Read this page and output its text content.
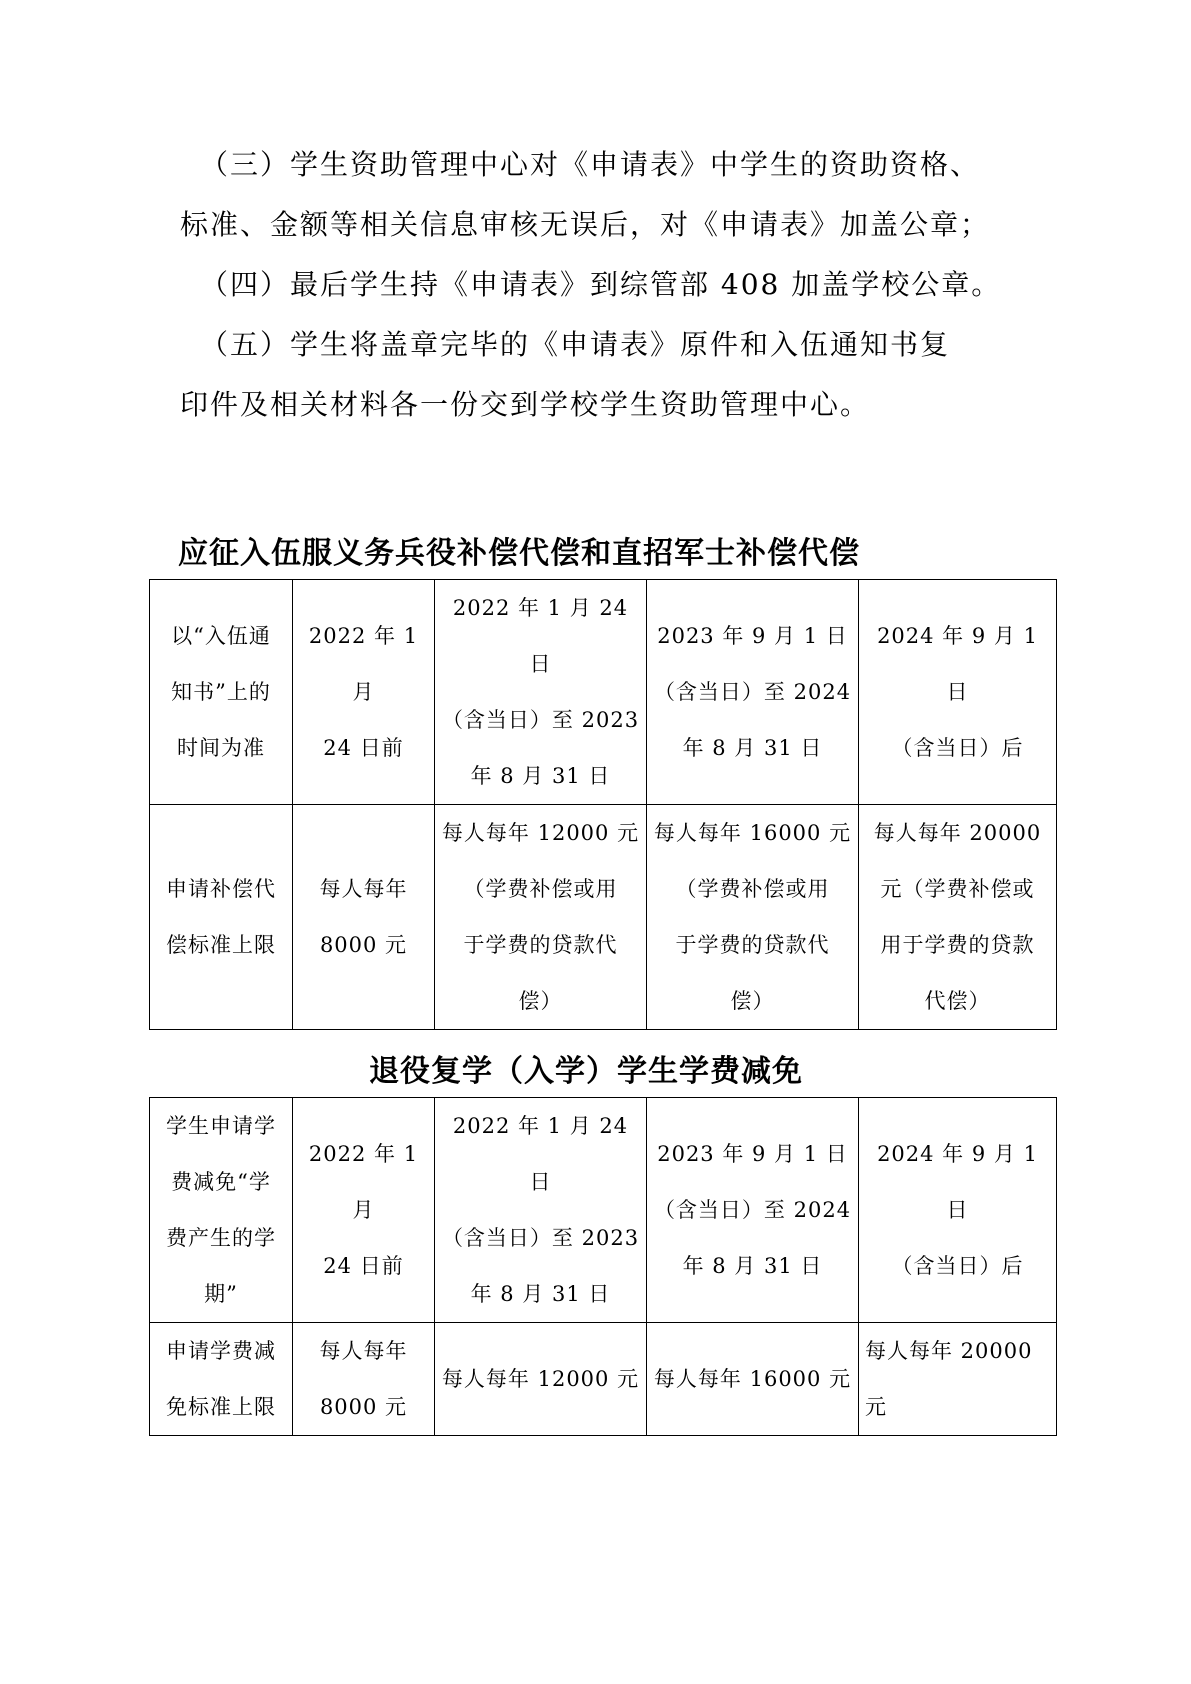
（三）学生资助管理中心对《申请表》中学生的资助资格、

标准、金额等相关信息审核无误后，对《申请表》加盖公章；

（四）最后学生持《申请表》到综管部 408 加盖学校公章。

（五）学生将盖章完毕的《申请表》原件和入伍通知书复

印件及相关材料各一份交到学校学生资助管理中心。

应征入伍服义务兵役补偿代偿和直招军士补偿代偿
以“入伍通
知书”上的
时间为准	2022 年 1 月
24 日前	2022 年 1 月 24 日
（含当日）至 2023
年 8 月 31 日	2023 年 9 月 1 日
（含当日）至 2024
年 8 月 31 日	2024 年 9 月 1 日
（含当日）后

申请补偿代
偿标准上限	每人每年
8000 元	每人每年 12000 元
（学费补偿或用
于学费的贷款代
偿）	每人每年 16000 元
（学费补偿或用
于学费的贷款代
偿）	每人每年 20000
元（学费补偿或
用于学费的贷款
代偿）
退役复学（入学）学生学费减免
学生申请学
费减免“学
费产生的学
期”	2022 年 1 月
24 日前	2022 年 1 月 24 日
（含当日）至 2023
年 8 月 31 日	2023 年 9 月 1 日
（含当日）至 2024
年 8 月 31 日	2024 年 9 月 1 日
（含当日）后

申请学费减
免标准上限	每人每年
8000 元	每人每年 12000 元	每人每年 16000 元	每人每年 20000
元
